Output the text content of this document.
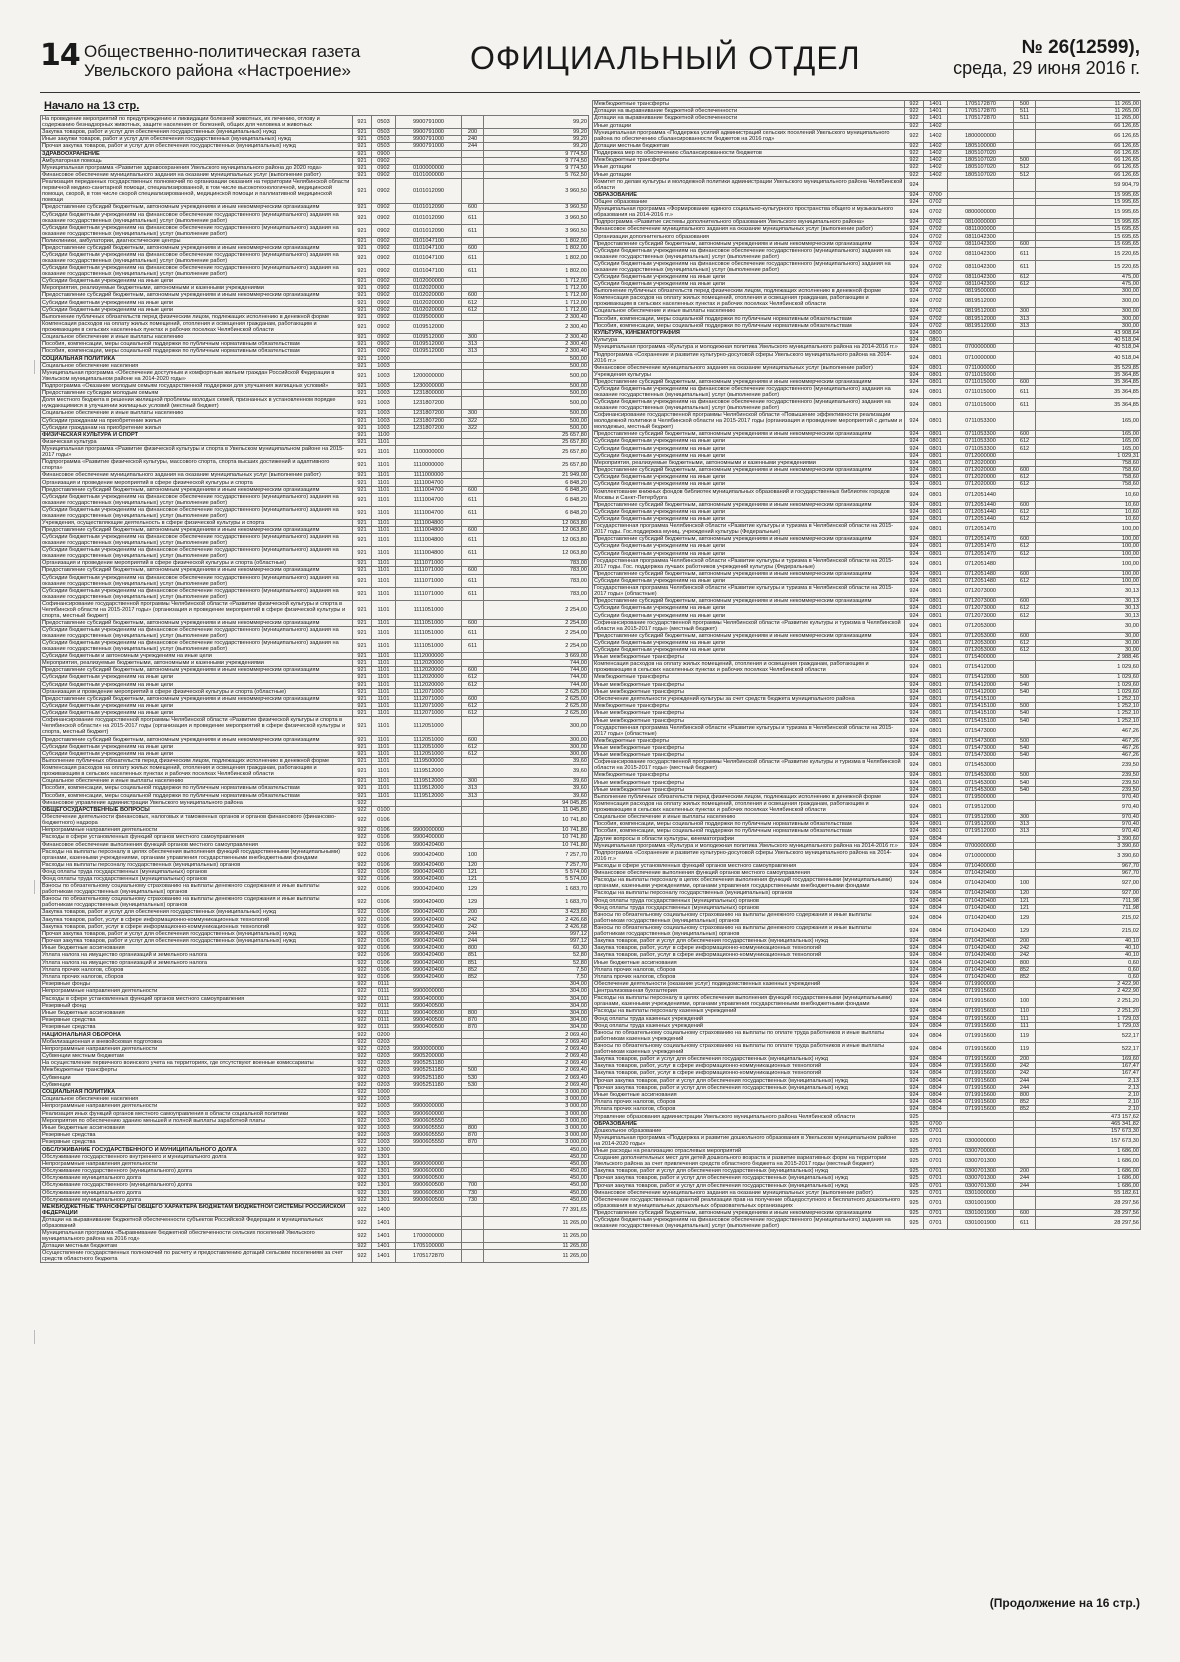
14 Общественно-политическая газета
Увельского района «Настроение»	ОФИЦИАЛЬНЫЙ ОТДЕЛ	№ 26(12599),
среда, 29 июня 2016 г.
Начало на 13 стр.
На проведение мероприятий по предупреждению и ликвидации болезней животных, их лечению, отлову и содержанию безнадзорных животных, защите населения от болезней, общих для человека и животных	921	0503	9900791000		99,20
Закупка товаров, работ и услуг для обеспечения государственных (муниципальных) нужд	921	0503	9900791000	200	99,20
Иные закупки товаров, работ и услуг для обеспечения государственных (муниципальных) нужд	921	0503	9900791000	240	99,20
Прочая закупка товаров, работ и услуг для обеспечения государственных (муниципальных) нужд	921	0503	9900791000	244	99,20
ЗДРАВООХРАНЕНИЕ	921	0900			9 774,50
Амбулаторная помощь	921	0902			9 774,50
Муниципальная программа «Развитие здравоохранения Увельского муниципального района до 2020 года»	921	0902	0100000000		9 774,50
Финансовое обеспечение муниципального задания на оказание муниципальных услуг (выполнение работ)	921	0902	0101000000		5 762,50
Реализация переданных государственных полномочий по организации оказания на территории Челябинской области первичной медико-санитарной помощи, специализированной, в том числе высокотехнологичной, медицинской помощи, скорой, в том числе скорой специализированной, медицинской помощи и паллиативной медицинской помощи	921	0902	0101012090		3 960,50
Предоставление субсидий бюджетным, автономным учреждениям и иным некоммерческим организациям	921	0902	0101012090	600	3 960,50
Субсидии бюджетным учреждениям на финансовое обеспечение государственного (муниципального) задания на оказание государственных (муниципальных) услуг (выполнение работ)	921	0902	0101012090	611	3 960,50
Субсидии бюджетным учреждениям на финансовое обеспечение государственного (муниципального) задания на оказание государственных (муниципальных) услуг (выполнение работ)	921	0902	0101012090	611	3 960,50
Поликлиники, амбулатории, диагностические центры	921	0902	0101047100		1 802,00
Предоставление субсидий бюджетным, автономным учреждениям и иным некоммерческим организациям	921	0902	0101047100	600	1 802,00
Субсидии бюджетным учреждениям на финансовое обеспечение государственного (муниципального) задания на оказание государственных (муниципальных) услуг (выполнение работ)	921	0902	0101047100	611	1 802,00
Субсидии бюджетным учреждениям на финансовое обеспечение государственного (муниципального) задания на оказание государственных (муниципальных) услуг (выполнение работ)	921	0902	0101047100	611	1 802,00
Субсидии бюджетным учреждениям на иные цели	921	0902	0102000000		1 712,00
Мероприятия, реализуемые бюджетными, автономными и казенными учреждениями	921	0902	0102020000		1 712,00
Предоставление субсидий бюджетным, автономным учреждениям и иным некоммерческим организациям	921	0902	0102020000	600	1 712,00
Субсидии бюджетным учреждениям на иные цели	921	0902	0102020000	612	1 712,00
Субсидии бюджетным учреждениям на иные цели	921	0902	0102020000	612	1 712,00
Выполнение публичных обязательств перед физическим лицом, подлежащих исполнению в денежной форме	921	0902	0109500000		2 300,40
Компенсация расходов на оплату жилых помещений, отопления и освещения гражданам, работающим и проживающим в сельских населенных пунктах и рабочих поселках Челябинской области	921	0902	0109512000		2 300,40
Социальное обеспечение и иные выплаты населению	921	0902	0109512000	300	2 300,40
Пособия, компенсации, меры социальной поддержки по публичным нормативным обязательствам	921	0902	0109512000	313	2 300,40
Пособия, компенсации, меры социальной поддержки по публичным нормативным обязательствам	921	0902	0109512000	313	2 300,40
СОЦИАЛЬНАЯ ПОЛИТИКА	921	1000			500,00
Социальное обеспечение населения	921	1003			500,00
Муниципальная программа «Обеспечение доступным и комфортным жильем граждан Российской Федерации в Увельском муниципальном районе на 2014-2020 годы»	921	1003	1200000000		500,00
Подпрограмма «Оказание молодым семьям государственной поддержки для улучшения жилищных условий»	921	1003	1230000000		500,00
Предоставление субсидии молодым семьям	921	1003	1231800000		500,00
Доля местного бюджета в решении жилищной проблемы молодых семей, признанных в установленном порядке нуждающимися в улучшении жилищных условий (местный бюджет)	921	1003	1231807200		500,00
Социальное обеспечение и иные выплаты населению	921	1003	1231807200	300	500,00
Субсидии гражданам на приобретение жилья	921	1003	1231807200	322	500,00
Субсидии гражданам на приобретение жилья	921	1003	1231807200	322	500,00
ФИЗИЧЕСКАЯ КУЛЬТУРА И СПОРТ	921	1100			25 657,80
Физическая культура	921	1101			25 657,80
Муниципальная программа «Развитие физической культуры и спорта в Увельском муниципальном районе на 2015-2017 годы»	921	1101	1100000000		25 657,80
Подпрограмма «Развитие физической культуры, массового спорта, спорта высших достижений и адаптивного спорта»	921	1101	1110000000		25 657,80
Финансовое обеспечение муниципального задания на оказание муниципальных услуг (выполнение работ)	921	1101	1111000000		21 949,00
Организация и проведение мероприятий в сфере физической культуры и спорта	921	1101	1111004700		6 848,20
Предоставление субсидий бюджетным, автономным учреждениям и иным некоммерческим организациям	921	1101	1111004700	600	6 848,20
Субсидии бюджетным учреждениям на финансовое обеспечение государственного (муниципального) задания на оказание государственных (муниципальных) услуг (выполнение работ)	921	1101	1111004700	611	6 848,20
Субсидии бюджетным учреждениям на финансовое обеспечение государственного (муниципального) задания на оказание государственных (муниципальных) услуг (выполнение работ)	921	1101	1111004700	611	6 848,20
Учреждения, осуществляющие деятельность в сфере физической культуры и спорта	921	1101	1111004800		12 063,80
Предоставление субсидий бюджетным, автономным учреждениям и иным некоммерческим организациям	921	1101	1111004800	600	12 063,80
Субсидии бюджетным учреждениям на финансовое обеспечение государственного (муниципального) задания на оказание государственных (муниципальных) услуг (выполнение работ)	921	1101	1111004800	611	12 063,80
Субсидии бюджетным учреждениям на финансовое обеспечение государственного (муниципального) задания на оказание государственных (муниципальных) услуг (выполнение работ)	921	1101	1111004800	611	12 063,80
Организация и проведение мероприятий в сфере физической культуры и спорта (областные)	921	1101	1111071000		783,00
Предоставление субсидий бюджетным, автономным учреждениям и иным некоммерческим организациям	921	1101	1111071000	600	783,00
Субсидии бюджетным учреждениям на финансовое обеспечение государственного (муниципального) задания на оказание государственных (муниципальных) услуг (выполнение работ)	921	1101	1111071000	611	783,00
Субсидии бюджетным учреждениям на финансовое обеспечение государственного (муниципального) задания на оказание государственных (муниципальных) услуг (выполнение работ)	921	1101	1111071000	611	783,00
Софинансирование государственной программы Челябинской области «Развитие физической культуры и спорта в Челябинской области на 2015-2017 годы» (организация и проведение мероприятий в сфере физической культуры и спорта, местный бюджет)	921	1101	1111051000		2 254,00
Предоставление субсидий бюджетным, автономным учреждениям и иным некоммерческим организациям	921	1101	1111051000	600	2 254,00
Субсидии бюджетным учреждениям на финансовое обеспечение государственного (муниципального) задания на оказание государственных (муниципальных) услуг (выполнение работ)	921	1101	1111051000	611	2 254,00
Субсидии бюджетным учреждениям на финансовое обеспечение государственного (муниципального) задания на оказание государственных (муниципальных) услуг (выполнение работ)	921	1101	1111051000	611	2 254,00
Субсидии бюджетным и автономным учреждениям на иные цели	921	1101	1112000000		3 669,00
Мероприятия, реализуемые бюджетными, автономными и казенными учреждениями	921	1101	1112020000		744,00
Предоставление субсидий бюджетным, автономным учреждениям и иным некоммерческим организациям	921	1101	1112020000	600	744,00
Субсидии бюджетным учреждениям на иные цели	921	1101	1112020000	612	744,00
Субсидии бюджетным учреждениям на иные цели	921	1101	1112020000	612	744,00
Организация и проведение мероприятий в сфере физической культуры и спорта (областные)	921	1101	1112071000		2 625,00
Предоставление субсидий бюджетным, автономным учреждениям и иным некоммерческим организациям	921	1101	1112071000	600	2 625,00
Субсидии бюджетным учреждениям на иные цели	921	1101	1112071000	612	2 625,00
Субсидии бюджетным учреждениям на иные цели	921	1101	1112071000	612	2 625,00
Софинансирование государственной программы Челябинской области «Развитие физической культуры и спорта в Челябинской области» на 2015-2017 годы (организация и проведение мероприятий в сфере физической культуры и спорта, местный бюджет)	921	1101	1112051000		300,00
Предоставление субсидий бюджетным, автономным учреждениям и иным некоммерческим организациям	921	1101	1112051000	600	300,00
Субсидии бюджетным учреждениям на иные цели	921	1101	1112051000	612	300,00
Субсидии бюджетным учреждениям на иные цели	921	1101	1112051000	612	300,00
Выполнение публичных обязательств перед физическим лицом, подлежащих исполнению в денежной форме	921	1101	1119500000		39,60
Компенсация расходов на оплату жилых помещений, отопления и освещения гражданам, работающим и проживающим в сельских населенных пунктах и рабочих поселках Челябинской области	921	1101	1119512000		39,60
Социальное обеспечение и иные выплаты населению	921	1101	1119512000	300	39,60
Пособия, компенсации, меры социальной поддержки по публичным нормативным обязательствам	921	1101	1119512000	313	39,60
Пособия, компенсации, меры социальной поддержки по публичным нормативным обязательствам	921	1101	1119512000	313	39,60
Финансовое управление администрации Увельского муниципального района	922				94 045,85
ОБЩЕГОСУДАРСТВЕННЫЕ ВОПРОСЫ	922	0100			11 045,80
Обеспечение деятельности финансовых, налоговых и таможенных органов и органов финансового (финансово-бюджетного) надзора	922	0106			10 741,80
Непрограммные направления деятельности	922	0106	9900000000		10 741,80
Расходы в сфере установленных функций органов местного самоуправления	922	0106	9900400000		10 741,80
Финансовое обеспечение выполнения функций органов местного самоуправления	922	0106	9900420400		10 741,80
Расходы на выплаты персоналу в целях обеспечения выполнения функций государственными (муниципальными) органами, казенными учреждениями, органами управления государственными внебюджетными фондами	922	0106	9900420400	100	7 257,70
Расходы на выплаты персоналу государственных (муниципальных) органов	922	0106	9900420400	120	7 257,70
Фонд оплаты труда государственных (муниципальных) органов	922	0106	9900420400	121	5 574,00
Фонд оплаты труда государственных (муниципальных) органов	922	0106	9900420400	121	5 574,00
Взносы по обязательному социальному страхованию на выплаты денежного содержания и иные выплаты работникам государственных (муниципальных) органов	922	0106	9900420400	129	1 683,70
Взносы по обязательному социальному страхованию на выплаты денежного содержания и иные выплаты работникам государственных (муниципальных) органов	922	0106	9900420400	129	1 683,70
Закупка товаров, работ и услуг для обеспечения государственных (муниципальных) нужд	922	0106	9900420400	200	3 423,80
Закупка товаров, работ, услуг в сфере информационно-коммуникационных технологий	922	0106	9900420400	242	2 426,68
Закупка товаров, работ, услуг в сфере информационно-коммуникационных технологий	922	0106	9900420400	242	2 426,68
Прочая закупка товаров, работ и услуг для обеспечения государственных (муниципальных) нужд	922	0106	9900420400	244	997,12
Прочая закупка товаров, работ и услуг для обеспечения государственных (муниципальных) нужд	922	0106	9900420400	244	997,12
Иные бюджетные ассигнования	922	0106	9900420400	800	60,30
Уплата налога на имущество организаций и земельного налога	922	0106	9900420400	851	52,80
Уплата налога на имущество организаций и земельного налога	922	0106	9900420400	851	52,80
Уплата прочих налогов, сборов	922	0106	9900420400	852	7,50
Уплата прочих налогов, сборов	922	0106	9900420400	852	7,50
Резервные фонды	922	0111			304,00
Непрограммные направления деятельности	922	0111	9900000000		304,00
Расходы в сфере установленных функций органов местного самоуправления	922	0111	9900400000		304,00
Резервный фонд	922	0111	9900400500		304,00
Иные бюджетные ассигнования	922	0111	9900400500	800	304,00
Резервные средства	922	0111	9900400500	870	304,00
Резервные средства	922	0111	9900400500	870	304,00
НАЦИОНАЛЬНАЯ ОБОРОНА	922	0200			2 069,40
Мобилизационная и вневойсковая подготовка	922	0203			2 069,40
Непрограммные направления деятельности	922	0203	9900000000		2 069,40
Субвенции местным бюджетам	922	0203	9905200000		2 069,40
На осуществление первичного воинского учета на территориях, где отсутствуют военные комиссариаты	922	0203	9905251180		2 069,40
Межбюджетные трансферты	922	0203	9905251180	500	2 069,40
Субвенции	922	0203	9905251180	530	2 069,40
Субвенции	922	0203	9905251180	530	2 069,40
СОЦИАЛЬНАЯ ПОЛИТИКА	922	1000			3 000,00
Социальное обеспечение населения	922	1003			3 000,00
Непрограммные направления деятельности	922	1003	9900000000		3 000,00
Реализация иных функций органов местного самоуправления в области социальной политики	922	1003	9900600000		3 000,00
Мероприятия по обеспечению зданию меньшей и полной выплаты заработной платы	922	1003	9900605550		3 000,00
Иные бюджетные ассигнования	922	1003	9900605550	800	3 000,00
Резервные средства	922	1003	9900605550	870	3 000,00
Резервные средства	922	1003	9900605550	870	3 000,00
ОБСЛУЖИВАНИЕ ГОСУДАРСТВЕННОГО И МУНИЦИПАЛЬНОГО ДОЛГА	922	1300			450,00
Обслуживание государственного внутреннего и муниципального долга	922	1301			450,00
Непрограммные направления деятельности	922	1301	9900000000		450,00
Обслуживание государственного (муниципального) долга	922	1301	9900600000		450,00
Обслуживание муниципального долга	922	1301	9900600500		450,00
Обслуживание государственного (муниципального) долга	922	1301	9900600500	700	450,00
Обслуживание муниципального долга	922	1301	9900600500	730	450,00
Обслуживание муниципального долга	922	1301	9900600500	730	450,00
МЕЖБЮДЖЕТНЫЕ ТРАНСФЕРТЫ ОБЩЕГО ХАРАКТЕРА БЮДЖЕТАМ БЮДЖЕТНОЙ СИСТЕМЫ РОССИЙСКОЙ ФЕДЕРАЦИИ	922	1400			77 391,65
Дотации на выравнивание бюджетной обеспеченности субъектов Российской Федерации и муниципальных образований	922	1401			11 265,00
Муниципальная программа «Выравнивание бюджетной обеспеченности сельских поселений Увельского муниципального района на 2016 год»	922	1401	1700000000		11 265,00
Дотации местным бюджетам	922	1401	1705100000		11 265,00
Осуществление государственных полномочий по расчету и предоставлению дотаций сельским поселениям за счет средств областного бюджета	922	1401	1705172870		11 265,00
Межбюджетные трансферты	922	1401	1705172870	500	11 265,00
Дотации на выравнивание бюджетной обеспеченности	922	1401	1705172870	511	11 265,00
Дотации на выравнивание бюджетной обеспеченности	922	1401	1705172870	511	11 265,00
Иные дотации	922	1402			66 126,65
Муниципальная программа «Поддержка усилий администраций сельских поселений Увельского муниципального района по обеспечению сбалансированности бюджетов на 2016 год»	922	1402	1800000000		66 126,65
Дотации местным бюджетам	922	1402	1805100000		66 126,65
Поддержка мер по обеспечению сбалансированности бюджетов	922	1402	1805107020		66 126,65
Межбюджетные трансферты	922	1402	1805107020	500	66 126,65
Иные дотации	922	1402	1805107020	512	66 126,65
Иные дотации	922	1402	1805107020	512	66 126,65
Комитет по делам культуры и молодежной политики администрации Увельского муниципального района Челябинской области	924				59 904,79
ОБРАЗОВАНИЕ	924	0700			15 995,65
Общее образование	924	0702			15 995,65
Муниципальная программа «Формирование единого социально-культурного пространства общего и музыкального образования на 2014-2016 гг.»	924	0702	0800000000		15 995,65
Подпрограмма «Развитие системы дополнительного образования Увельского муниципального района»	924	0702	0810000000		15 995,65
Финансовое обеспечение муниципального задания на оказание муниципальных услуг (выполнение работ)	924	0702	0811000000		15 695,65
Организации дополнительного образования	924	0702	0811042300		15 695,65
Предоставление субсидий бюджетным, автономным учреждениям и иным некоммерческим организациям	924	0702	0811042300	600	15 695,65
Субсидии бюджетным учреждениям на финансовое обеспечение государственного (муниципального) задания на оказание государственных (муниципальных) услуг (выполнение работ)	924	0702	0811042300	611	15 220,65
Субсидии бюджетным учреждениям на финансовое обеспечение государственного (муниципального) задания на оказание государственных (муниципальных) услуг (выполнение работ)	924	0702	0811042300	611	15 220,65
Субсидии бюджетным учреждениям на иные цели	924	0702	0811042300	612	475,00
Субсидии бюджетным учреждениям на иные цели	924	0702	0811042300	612	475,00
Выполнение публичных обязательств перед физическим лицом, подлежащих исполнению в денежной форме	924	0702	0819500000		300,00
Компенсация расходов на оплату жилых помещений, отопления и освещения гражданам, работающим и проживающим в сельских населенных пунктах и рабочих поселках Челябинской области	924	0702	0819512000		300,00
Социальное обеспечение и иные выплаты населению	924	0702	0819512000	300	300,00
Пособия, компенсации, меры социальной поддержки по публичным нормативным обязательствам	924	0702	0819512000	313	300,00
Пособия, компенсации, меры социальной поддержки по публичным нормативным обязательствам	924	0702	0819512000	313	300,00
КУЛЬТУРА, КИНЕМАТОГРАФИЯ	924	0800			43 908,64
Культура	924	0801			40 518,04
Муниципальная программа «Культура и молодежная политика Увельского муниципального района на 2014-2016 гг.»	924	0801	0700000000		40 518,04
Подпрограмма «Сохранение и развитие культурно-досуговой сферы Увельского муниципального района на 2014-2016 гг.»	924	0801	0710000000		40 518,04
Финансовое обеспечение муниципального задания на оказание муниципальных услуг (выполнение работ)	924	0801	0711000000		35 529,85
Учреждения культуры	924	0801	0711015000		35 364,85
Предоставление субсидий бюджетным, автономным учреждениям и иным некоммерческим организациям	924	0801	0711015000	600	35 364,85
Субсидии бюджетным учреждениям на финансовое обеспечение государственного (муниципального) задания на оказание государственных (муниципальных) услуг (выполнение работ)	924	0801	0711015000	611	35 364,85
Субсидии бюджетным учреждениям на финансовое обеспечение государственного (муниципального) задания на оказание государственных (муниципальных) услуг (выполнение работ)	924	0801	0711015000	611	35 364,85
Софинансирование государственной программы Челябинской области «Повышение эффективности реализации молодежной политики в Челябинской области на 2015-2017 годы (организация и проведение мероприятий с детьми и молодежью, местный бюджет)	924	0801	0711053300		165,00
Предоставление субсидий бюджетным, автономным учреждениям и иным некоммерческим организациям	924	0801	0711053300	600	165,00
Субсидии бюджетным учреждениям на иные цели	924	0801	0711053300	612	165,00
Субсидии бюджетным учреждениям на иные цели	924	0801	0711053300	612	165,00
Субсидии бюджетным учреждениям на иные цели	924	0801	0712000000		1 029,31
Мероприятия, реализуемые бюджетными, автономными и казенными учреждениями	924	0801	0712020000		758,60
Предоставление субсидий бюджетным, автономным учреждениям и иным некоммерческим организациям	924	0801	0712020000	600	758,60
Субсидии бюджетным учреждениям на иные цели	924	0801	0712020000	612	758,60
Субсидии бюджетным учреждениям на иные цели	924	0801	0712020000	612	758,60
Комплектование книжных фондов библиотек муниципальных образований и государственных библиотек городов Москвы и Санкт-Петербурга	924	0801	0712051440		10,60
Предоставление субсидий бюджетным, автономным учреждениям и иным некоммерческим организациям	924	0801	0712051440	600	10,60
Субсидии бюджетным учреждениям на иные цели	924	0801	0712051440	612	10,60
Субсидии бюджетным учреждениям на иные цели	924	0801	0712051440	612	10,60
Государственная программа Челябинской области «Развитие культуры и туризма в Челябинской области на 2015-2017 годы. Гос.поддержка муниц. учреждений культуры (Федеральные)	924	0801	0712051470		100,00
Предоставление субсидий бюджетным, автономным учреждениям и иным некоммерческим организациям	924	0801	0712051470	600	100,00
Субсидии бюджетным учреждениям на иные цели	924	0801	0712051470	612	100,00
Субсидии бюджетным учреждениям на иные цели	924	0801	0712051470	612	100,00
Государственная программа Челябинской области «Развитие культуры и туризма в Челябинской области на 2015-2017 годы. Гос. поддержка лучших работников учреждений культуры (Федеральные)	924	0801	0712051480		100,00
Предоставление субсидий бюджетным, автономным учреждениям и иным некоммерческим организациям	924	0801	0712051480	600	100,00
Субсидии бюджетным учреждениям на иные цели	924	0801	0712051480	612	100,00
Государственная программа Челябинской области «Развитие культуры и туризма в Челябинской области на 2015-2017 годы» (областные)	924	0801	0712073000		30,13
Предоставление субсидий бюджетным, автономным учреждениям и иным некоммерческим организациям	924	0801	0712073000	600	30,13
Субсидии бюджетным учреждениям на иные цели	924	0801	0712073000	612	30,13
Субсидии бюджетным учреждениям на иные цели	924	0801	0712073000	612	30,13
Софинансирование государственной программы Челябинской области «Развитие культуры и туризма в Челябинской области на 2015-2017 годы» (местный бюджет)	924	0801	0712053000		30,00
Предоставление субсидий бюджетным, автономным учреждениям и иным некоммерческим организациям	924	0801	0712053000	600	30,00
Субсидии бюджетным учреждениям на иные цели	924	0801	0712053000	612	30,00
Субсидии бюджетным учреждениям на иные цели	924	0801	0712053000	612	30,00
Иные межбюджетные трансферты	924	0801	0715400000		2 988,46
Компенсация расходов на оплату жилых помещений, отопления и освещения гражданам, работающим и проживающим в сельских населенных пунктах и рабочих поселках Челябинской области	924	0801	0715412000		1 029,60
Межбюджетные трансферты	924	0801	0715412000	500	1 029,60
Иные межбюджетные трансферты	924	0801	0715412000	540	1 029,60
Иные межбюджетные трансферты	924	0801	0715412000	540	1 029,60
Обеспечение деятельности учреждений культуры за счет средств бюджета муниципального района	924	0801	0715415100		1 252,10
Межбюджетные трансферты	924	0801	0715415100	500	1 252,10
Иные межбюджетные трансферты	924	0801	0715415100	540	1 252,10
Иные межбюджетные трансферты	924	0801	0715415100	540	1 252,10
Государственная программа Челябинской области «Развитие культуры и туризма в Челябинской области на 2015-2017 годы» (областные)	924	0801	0715473000		467,26
Межбюджетные трансферты	924	0801	0715473000	500	467,26
Иные межбюджетные трансферты	924	0801	0715473000	540	467,26
Иные межбюджетные трансферты	924	0801	0715473000	540	467,26
Софинансирование государственной программы Челябинской области «Развитие культуры и туризма в Челябинской области на 2015-2017 годы» (местный бюджет)	924	0801	0715453000		239,50
Межбюджетные трансферты	924	0801	0715453000	500	239,50
Иные межбюджетные трансферты	924	0801	0715453000	540	239,50
Иные межбюджетные трансферты	924	0801	0715453000	540	239,50
Выполнение публичных обязательств перед физическим лицом, подлежащих исполнению в денежной форме	924	0801	0719500000		970,40
Компенсация расходов на оплату жилых помещений, отопления и освещения гражданам, работающим и проживающим в сельских населенных пунктах и рабочих поселках Челябинской области	924	0801	0719512000		970,40
Социальное обеспечение и иные выплаты населению	924	0801	0719512000	300	970,40
Пособия, компенсации, меры социальной поддержки по публичным нормативным обязательствам	924	0801	0719512000	313	970,40
Пособия, компенсации, меры социальной поддержки по публичным нормативным обязательствам	924	0801	0719512000	313	970,40
Другие вопросы в области культуры, кинематографии	924	0804			3 390,60
Муниципальная программа «Культура и молодежная политика Увельского муниципального района на 2014-2016 гг.»	924	0804	0700000000		3 390,60
Подпрограмма «Сохранение и развитие культурно-досуговой сферы Увельского муниципального района на 2014-2016 гг.»	924	0804	0710000000		3 390,60
Расходы в сфере установленных функций органов местного самоуправления	924	0804	0710400000		967,70
Финансовое обеспечение выполнения функций органов местного самоуправления	924	0804	0710420400		967,70
Расходы на выплаты персоналу в целях обеспечения выполнения функций государственными (муниципальными) органами, казенными учреждениями, органами управления государственными внебюджетными фондами	924	0804	0710420400	100	927,00
Расходы на выплаты персоналу государственных (муниципальных) органов	924	0804	0710420400	120	927,00
Фонд оплаты труда государственных (муниципальных) органов	924	0804	0710420400	121	711,98
Фонд оплаты труда государственных (муниципальных) органов	924	0804	0710420400	121	711,98
Взносы по обязательному социальному страхованию на выплаты денежного содержания и иные выплаты работникам государственных (муниципальных) органов	924	0804	0710420400	129	215,02
Взносы по обязательному социальному страхованию на выплаты денежного содержания и иные выплаты работникам государственных (муниципальных) органов	924	0804	0710420400	129	215,02
Закупка товаров, работ и услуг для обеспечения государственных (муниципальных) нужд	924	0804	0710420400	200	40,10
Закупка товаров, работ, услуг в сфере информационно-коммуникационных технологий	924	0804	0710420400	242	40,10
Закупка товаров, работ, услуг в сфере информационно-коммуникационных технологий	924	0804	0710420400	242	40,10
Иные бюджетные ассигнования	924	0804	0710420400	800	0,60
Уплата прочих налогов, сборов	924	0804	0710420400	852	0,60
Уплата прочих налогов, сборов	924	0804	0710420400	852	0,60
Обеспечение деятельности (оказание услуг) подведомственных казенных учреждений	924	0804	0719900000		2 422,90
Централизованная бухгалтерия	924	0804	0719915600		2 422,90
Расходы на выплаты персоналу в целях обеспечения выполнения функций государственными (муниципальными) органами, казенными учреждениями, органами управления государственными внебюджетными фондами	924	0804	0719915600	100	2 251,20
Расходы на выплаты персоналу казенных учреждений	924	0804	0719915600	110	2 251,20
Фонд оплаты труда казенных учреждений	924	0804	0719915600	111	1 729,03
Фонд оплаты труда казенных учреждений	924	0804	0719915600	111	1 729,03
Взносы по обязательному социальному страхованию на выплаты по оплате труда работников и иные выплаты работникам казенных учреждений	924	0804	0719915600	119	522,17
Взносы по обязательному социальному страхованию на выплаты по оплате труда работников и иные выплаты работникам казенных учреждений	924	0804	0719915600	119	522,17
Закупка товаров, работ и услуг для обеспечения государственных (муниципальных) нужд	924	0804	0719915600	200	169,60
Закупка товаров, работ, услуг в сфере информационно-коммуникационных технологий	924	0804	0719915600	242	167,47
Закупка товаров, работ, услуг в сфере информационно-коммуникационных технологий	924	0804	0719915600	242	167,47
Прочая закупка товаров, работ и услуг для обеспечения государственных (муниципальных) нужд	924	0804	0719915600	244	2,13
Прочая закупка товаров, работ и услуг для обеспечения государственных (муниципальных) нужд	924	0804	0719915600	244	2,13
Иные бюджетные ассигнования	924	0804	0719915600	800	2,10
Уплата прочих налогов, сборов	924	0804	0719915600	852	2,10
Уплата прочих налогов, сборов	924	0804	0719915600	852	2,10
Управление образования администрации Увельского муниципального района Челябинской области	925				473 157,62
ОБРАЗОВАНИЕ	925	0700			465 341,82
Дошкольное образование	925	0701			157 673,30
Муниципальная программа «Поддержка и развитие дошкольного образования в Увельском муниципальном районе на 2014-2020 годы»	925	0701	0300000000		157 673,30
Иные расходы на реализацию отраслевых мероприятий	925	0701	0300700000		1 686,00
Создание дополнительных мест для детей дошкольного возраста и развитие вариативных форм на территории Увельского района за счет привлечения средств областного бюджета на 2015-2017 годы (местный бюджет)	925	0701	0300701300		1 686,00
Закупка товаров, работ и услуг для обеспечения государственных (муниципальных) нужд	925	0701	0300701300	200	1 686,00
Прочая закупка товаров, работ и услуг для обеспечения государственных (муниципальных) нужд	925	0701	0300701300	244	1 686,00
Прочая закупка товаров, работ и услуг для обеспечения государственных (муниципальных) нужд	925	0701	0300701300	244	1 686,00
Финансовое обеспечение муниципального задания на оказание муниципальных услуг (выполнение работ)	925	0701	0301000000		55 182,61
Обеспечение государственных гарантий реализации прав на получение общедоступного и бесплатного дошкольного образования в муниципальных дошкольных образовательных организациях	925	0701	0301001900		28 297,56
Предоставление субсидий бюджетным, автономным учреждениям и иным некоммерческим организациям	925	0701	0301001900	600	28 297,56
Субсидии бюджетным учреждениям на финансовое обеспечение государственного (муниципального) задания на оказание государственных (муниципальных) услуг (выполнение работ)	925	0701	0301001900	611	28 297,56
(Продолжение на 16 стр.)
